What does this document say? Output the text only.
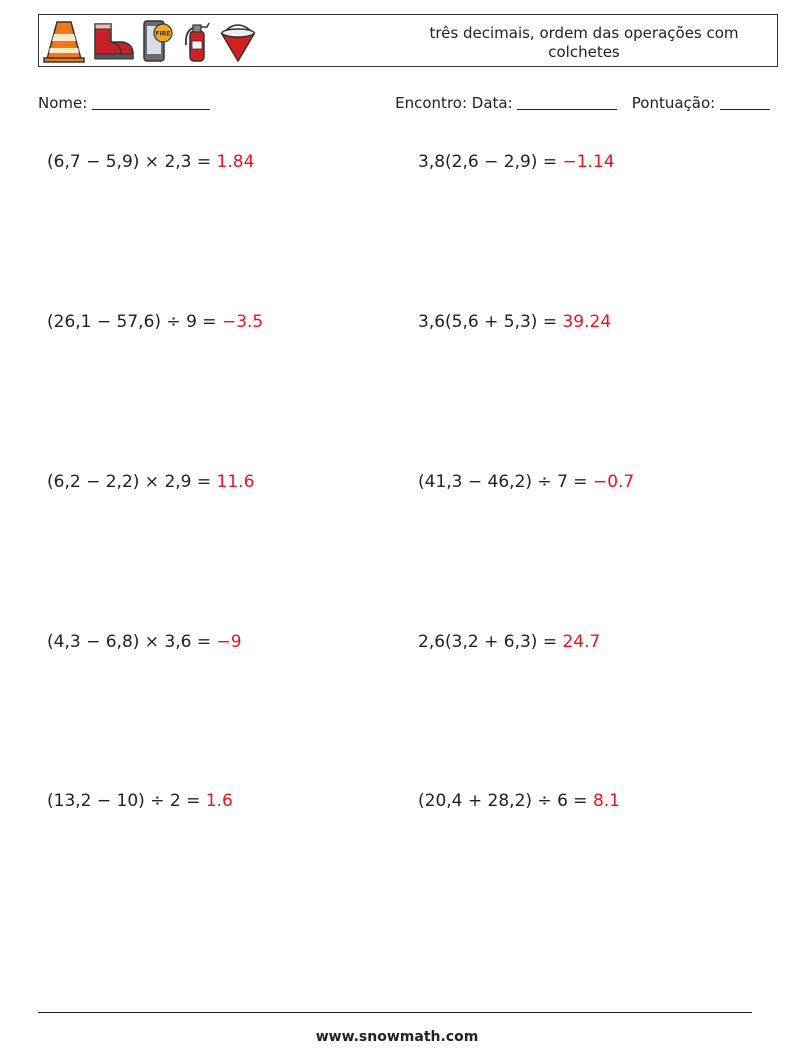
FIRE	três decimais, ordem das operações com colchetes
Nome:	Encontro: Data:	Pontuação:
(6,7 − 5,9) × 2,3 = 1.84	3,8(2,6 − 2,9) = −1.14
(26,1 − 57,6) ÷ 9 = −3.5	3,6(5,6 + 5,3) = 39.24
(6,2 − 2,2) × 2,9 = 11.6	(41,3 − 46,2) ÷ 7 = −0.7
(4,3 − 6,8) × 3,6 = −9	2,6(3,2 + 6,3) = 24.7
(13,2 − 10) ÷ 2 = 1.6	(20,4 + 28,2) ÷ 6 = 8.1
www.snowmath.com
